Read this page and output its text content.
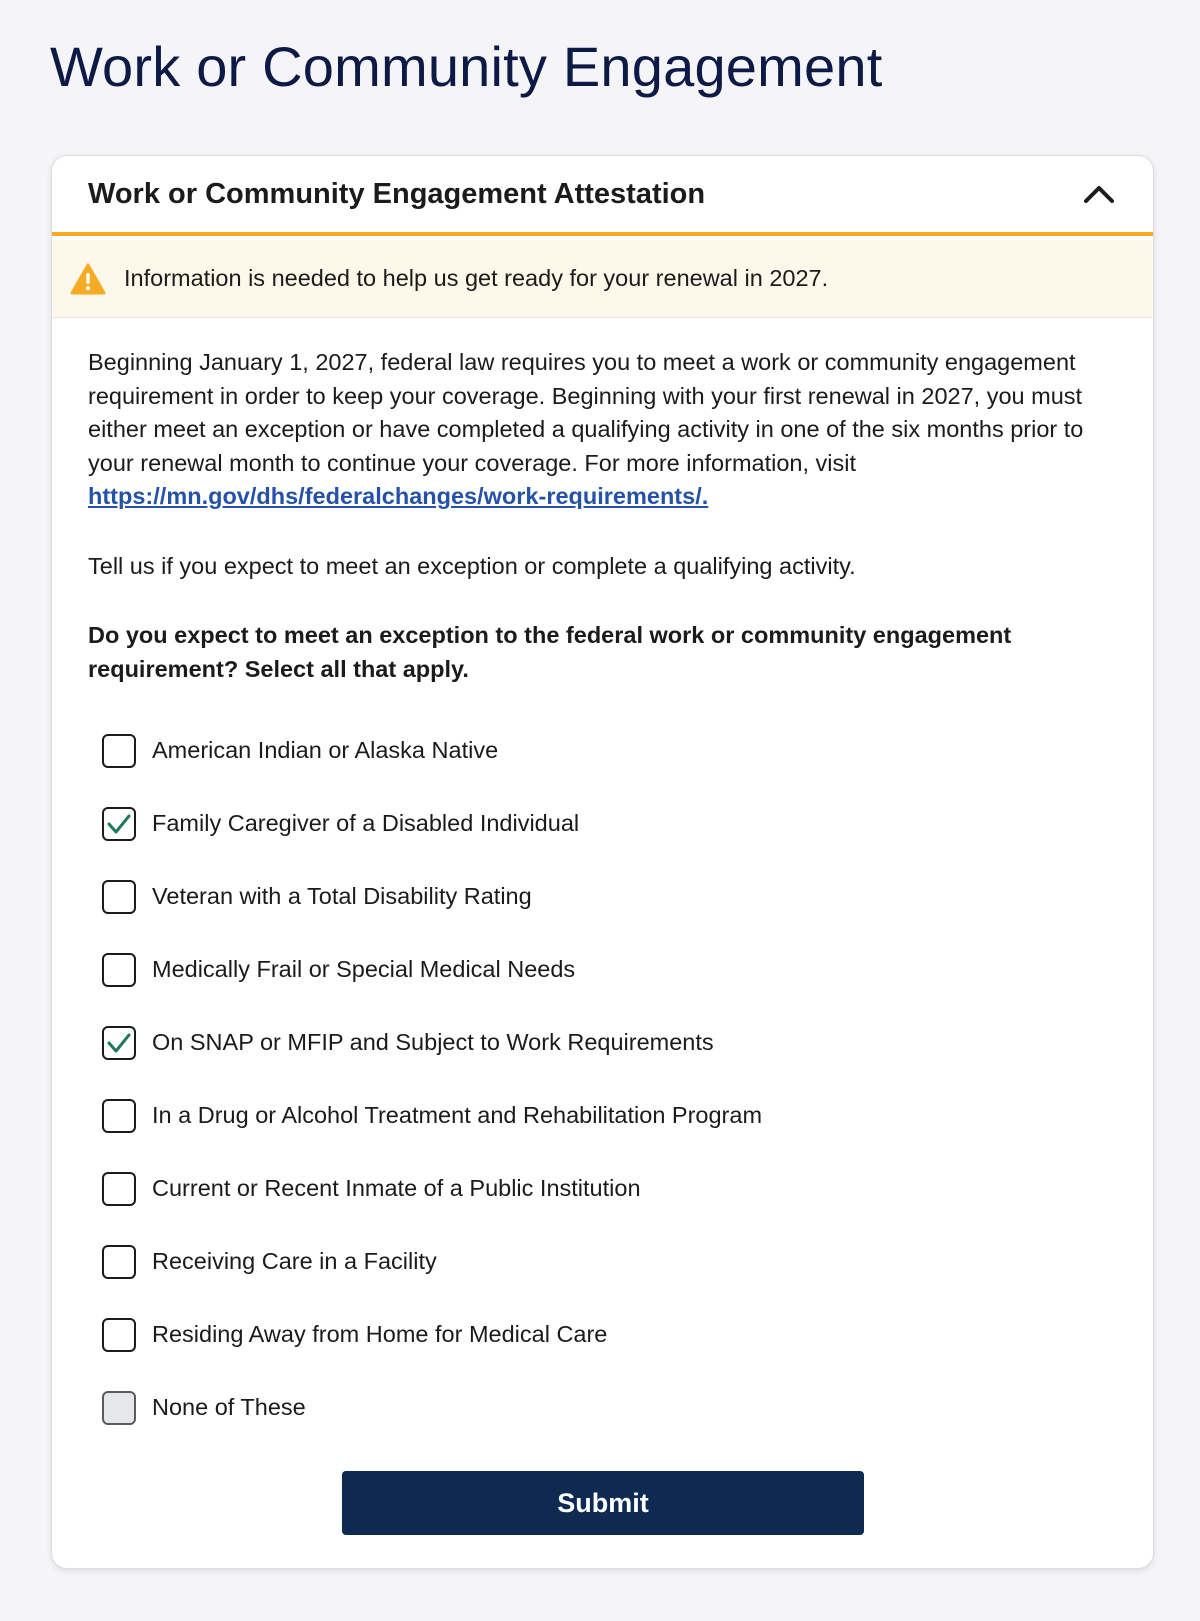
Work or Community Engagement
Work or Community Engagement Attestation
Information is needed to help us get ready for your renewal in 2027.

Beginning January 1, 2027, federal law requires you to meet a work or community engagement requirement in order to keep your coverage. Beginning with your first renewal in 2027, you must either meet an exception or have completed a qualifying activity in one of the six months prior to your renewal month to continue your coverage. For more information, visit https://mn.gov/dhs/federalchanges/work-requirements/.

Tell us if you expect to meet an exception or complete a qualifying activity.

Do you expect to meet an exception to the federal work or community engagement requirement? Select all that apply.

American Indian or Alaska Native
Family Caregiver of a Disabled Individual
Veteran with a Total Disability Rating
Medically Frail or Special Medical Needs
On SNAP or MFIP and Subject to Work Requirements
In a Drug or Alcohol Treatment and Rehabilitation Program
Current or Recent Inmate of a Public Institution
Receiving Care in a Facility
Residing Away from Home for Medical Care
None of These
Submit
